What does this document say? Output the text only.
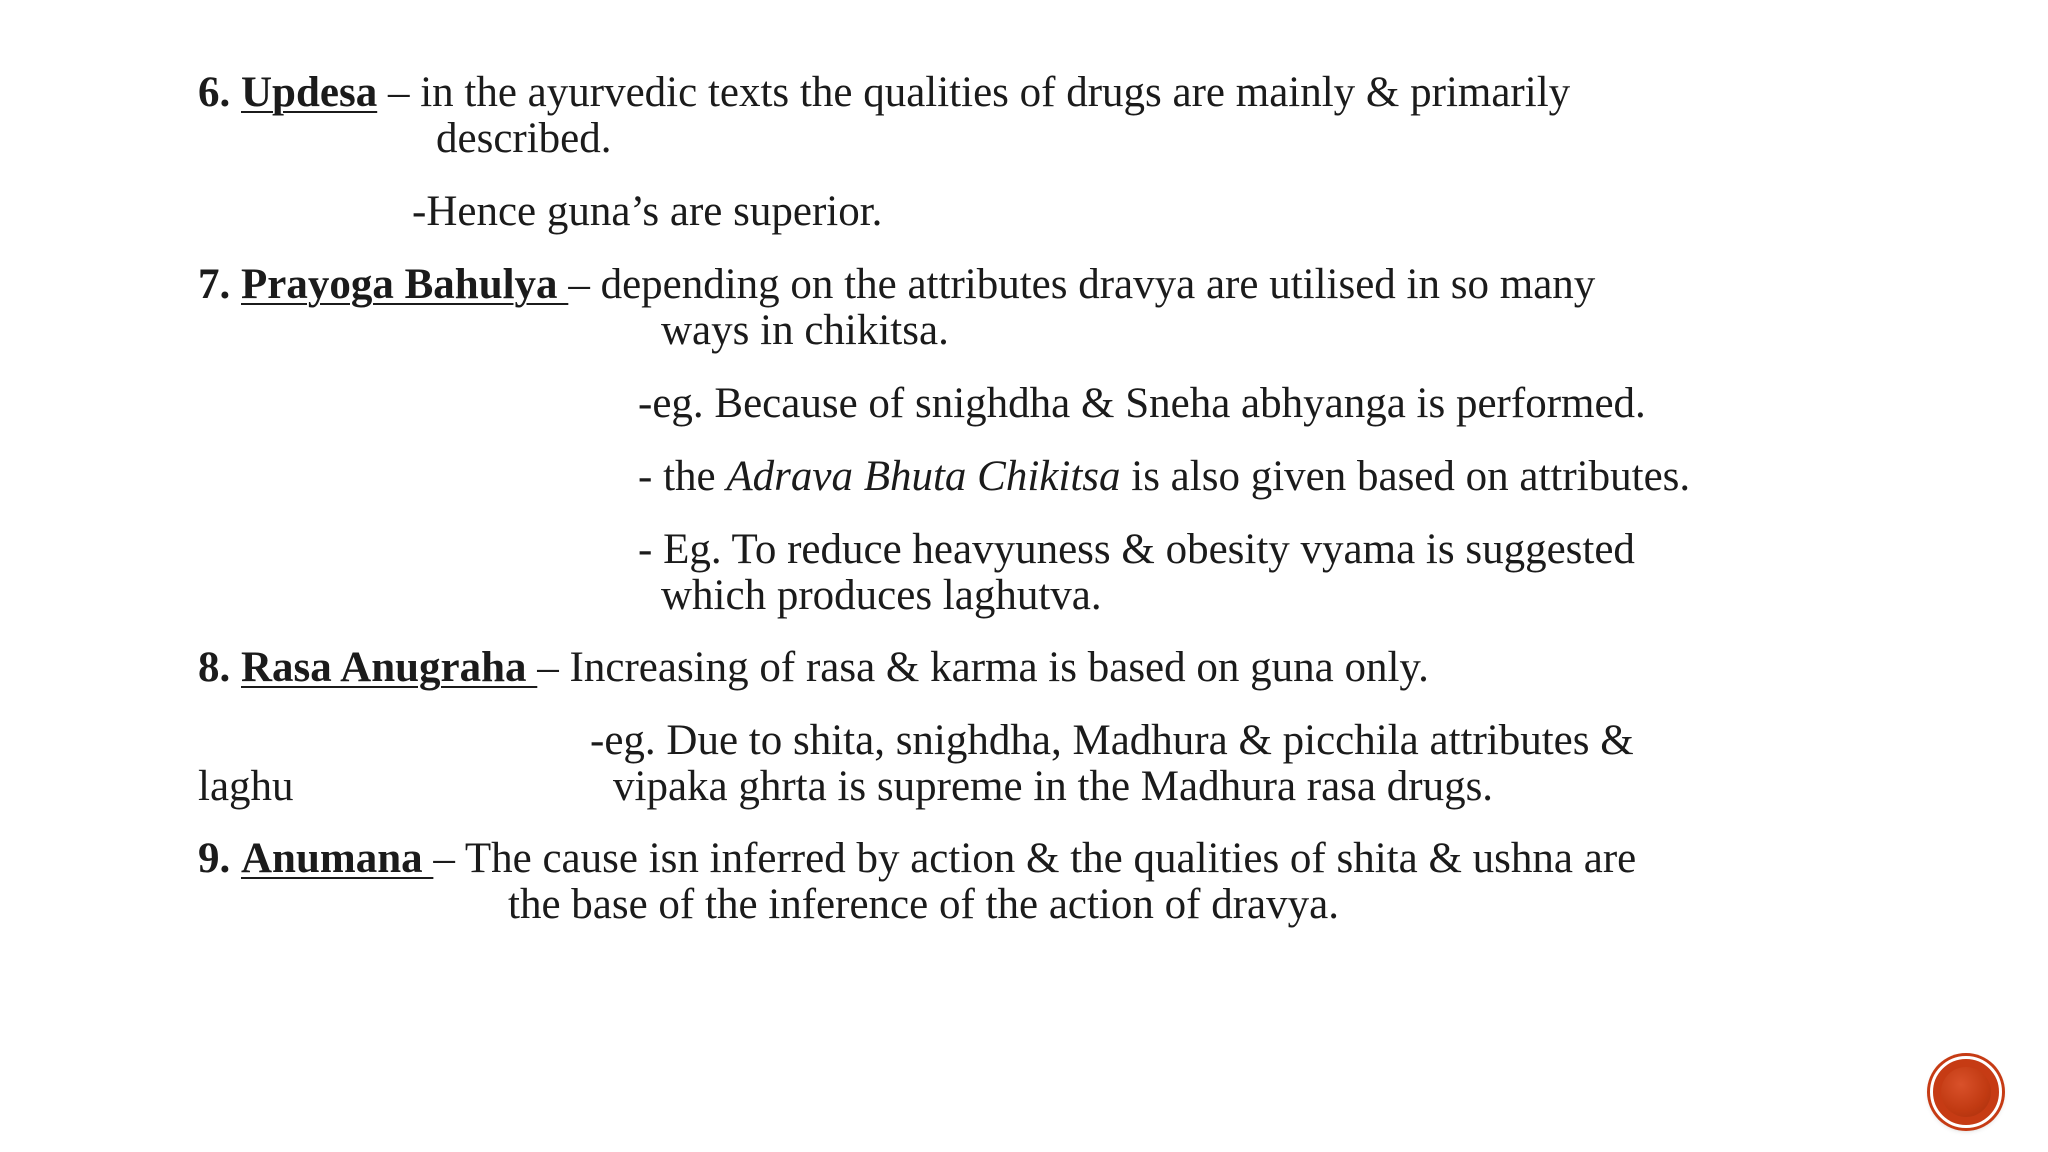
6. Updesa – in the ayurvedic texts the qualities of drugs are mainly & primarily
described.
-Hence guna’s are superior.
7. Prayoga Bahulya – depending on the attributes dravya are utilised in so many
ways in chikitsa.
-eg. Because of snighdha & Sneha abhyanga is performed.
- the Adrava Bhuta Chikitsa is also given based on attributes.
- Eg. To reduce heavyuness & obesity vyama is suggested
which produces laghutva.
8. Rasa Anugraha – Increasing of rasa & karma is based on guna only.
-eg. Due to shita, snighdha, Madhura & picchila attributes &
laghu	vipaka ghrta is supreme in the Madhura rasa drugs.
9. Anumana – The cause isn inferred by action & the qualities of shita & ushna are
the base of the inference of the action of dravya.
